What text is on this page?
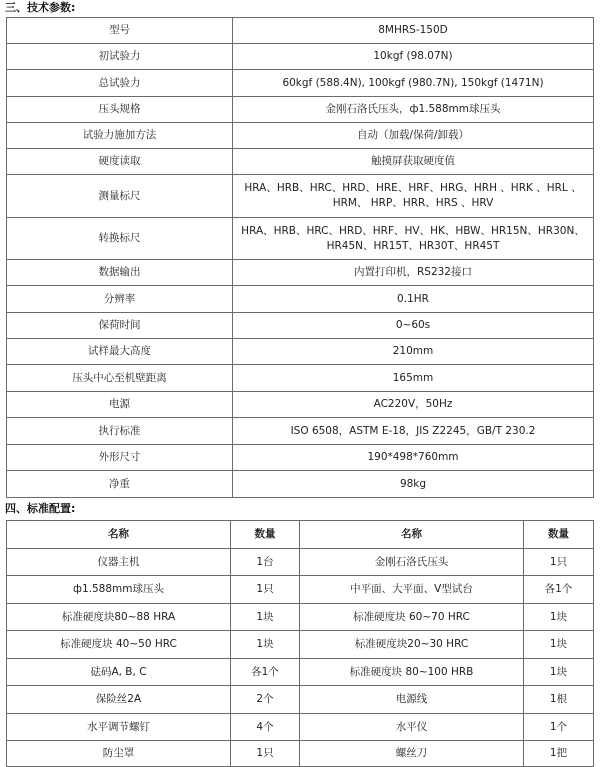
三、技术参数:
型号	8MHRS-150D
初试验力	10kgf (98.07N)
总试验力	60kgf (588.4N), 100kgf (980.7N), 150kgf (1471N)
压头规格	金刚石洛氏压头，ф1.588mm球压头
试验力施加方法	自动（加载/保荷/卸载）
硬度读取	触摸屏获取硬度值
测量标尺	HRA、HRB、HRC、HRD、HRE、HRF、HRG、HRH 、HRK 、HRL 、HRM、 HRP、HRR、HRS 、HRV
转换标尺	HRA、HRB、HRC、HRD、HRF、HV、HK、HBW、HR15N、HR30N、HR45N、HR15T、HR30T、HR45T
数据输出	内置打印机，RS232接口
分辨率	0.1HR
保荷时间	0~60s
试样最大高度	210mm
压头中心至机壁距离	165mm
电源	AC220V，50Hz
执行标准	ISO 6508，ASTM E-18，JIS Z2245，GB/T 230.2
外形尺寸	190*498*760mm
净重	98kg
四、标准配置:
名称	数量	名称	数量
仪器主机	1台	金刚石洛氏压头	1只
ф1.588mm球压头	1只	中平面、大平面、V型试台	各1个
标准硬度块80~88 HRA	1块	标准硬度块 60~70 HRC	1块
标准硬度块 40~50 HRC	1块	标准硬度块20~30 HRC	1块
砝码A, B, C	各1个	标准硬度块 80~100 HRB	1块
保险丝2A	2个	电源线	1根
水平调节螺钉	4个	水平仪	1个
防尘罩	1只	螺丝刀	1把
